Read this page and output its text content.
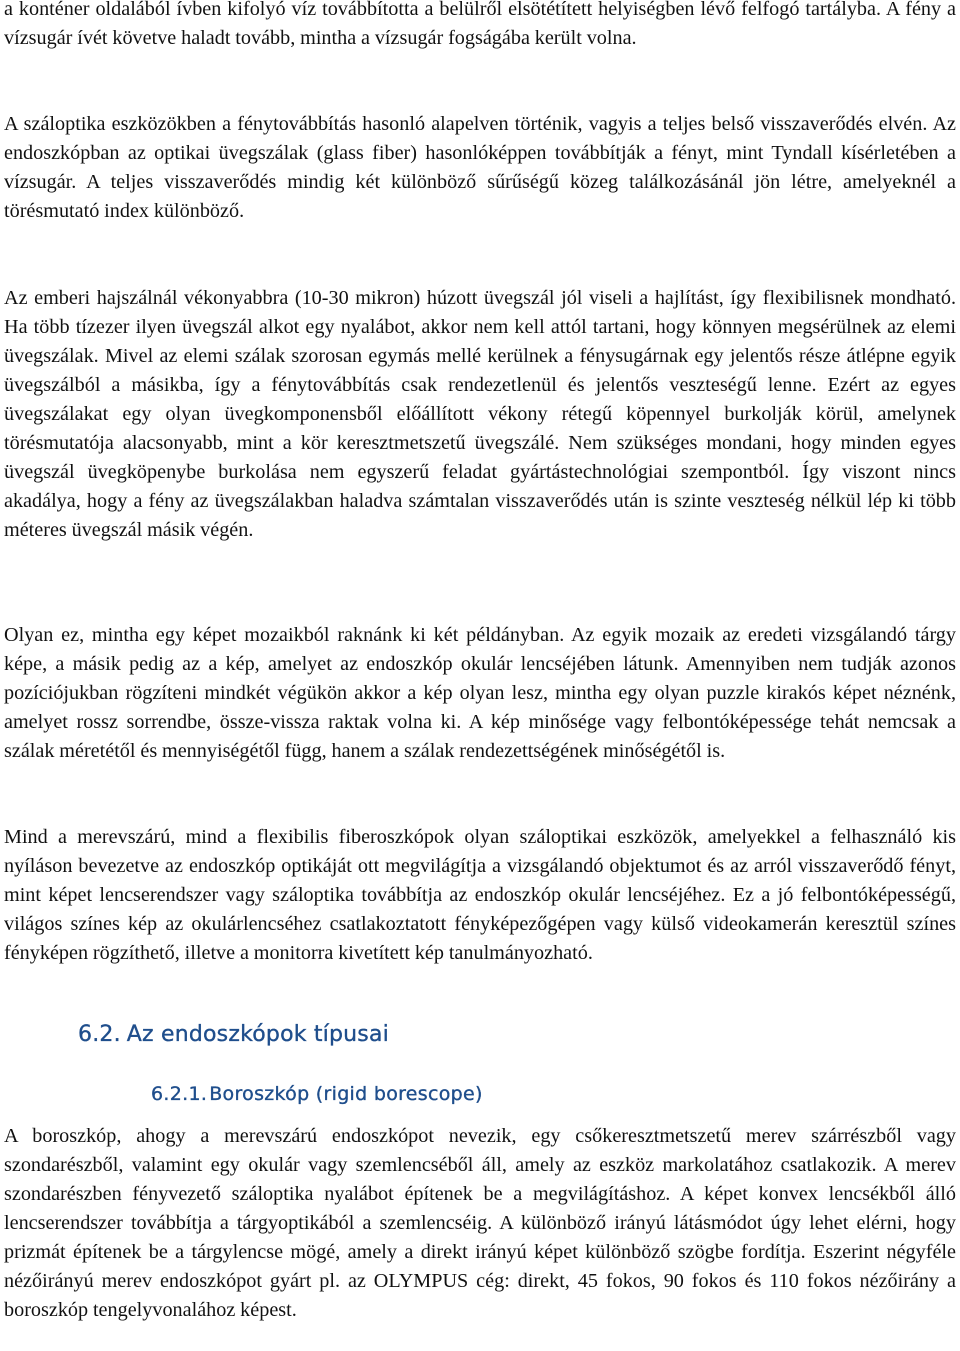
a konténer oldalából ívben kifolyó víz továbbította a belülről elsötétített helyiségben lévő felfogó tartályba. A fény a vízsugár ívét követve haladt tovább, mintha a vízsugár fogságába került volna.

A száloptika eszközökben a fénytovábbítás hasonló alapelven történik, vagyis a teljes belső visszaverődés elvén. Az endoszkópban az optikai üvegszálak (glass fiber) hasonlóképpen továbbítják a fényt, mint Tyndall kísérletében a vízsugár. A teljes visszaverődés mindig két különböző sűrűségű közeg találkozásánál jön létre, amelyeknél a törésmutató index különböző.

Az emberi hajszálnál vékonyabbra (10-30 mikron) húzott üvegszál jól viseli a hajlítást, így flexibilisnek mondható. Ha több tízezer ilyen üvegszál alkot egy nyalábot, akkor nem kell attól tartani, hogy könnyen megsérülnek az elemi üvegszálak. Mivel az elemi szálak szorosan egymás mellé kerülnek a fénysugárnak egy jelentős része átlépne egyik üvegszálból a másikba, így a fénytovábbítás csak rendezetlenül és jelentős veszteségű lenne. Ezért az egyes üvegszálakat egy olyan üvegkomponensből előállított vékony rétegű köpennyel burkolják körül, amelynek törésmutatója alacsonyabb, mint a kör keresztmetszetű üvegszálé. Nem szükséges mondani, hogy minden egyes üvegszál üvegköpenybe burkolása nem egyszerű feladat gyártástechnológiai szempontból. Így viszont nincs akadálya, hogy a fény az üvegszálakban haladva számtalan visszaverődés után is szinte veszteség nélkül lép ki több méteres üvegszál másik végén.

Olyan ez, mintha egy képet mozaikból raknánk ki két példányban. Az egyik mozaik az eredeti vizsgálandó tárgy képe, a másik pedig az a kép, amelyet az endoszkóp okulár lencséjében látunk. Amennyiben nem tudják azonos pozíciójukban rögzíteni mindkét végükön akkor a kép olyan lesz, mintha egy olyan puzzle kirakós képet néznénk, amelyet rossz sorrendbe, össze-vissza raktak volna ki. A kép minősége vagy felbontóképessége tehát nemcsak a szálak méretétől és mennyiségétől függ, hanem a szálak rendezettségének minőségétől is.

Mind a merevszárú, mind a flexibilis fiberoszkópok olyan száloptikai eszközök, amelyekkel a felhasználó kis nyíláson bevezetve az endoszkóp optikáját ott megvilágítja a vizsgálandó objektumot és az arról visszaverődő fényt, mint képet lencserendszer vagy száloptika továbbítja az endoszkóp okulár lencséjéhez. Ez a jó felbontóképességű, világos színes kép az okulárlencséhez csatlakoztatott fényképezőgépen vagy külső videokamerán keresztül színes fényképen rögzíthető, illetve a monitorra kivetített kép tanulmányozható.

6.2. Az endoszkópok típusai
6.2.1. Boroszkóp (rigid borescope)

A boroszkóp, ahogy a merevszárú endoszkópot nevezik, egy csőkeresztmetszetű merev szárrészből vagy szondarészből, valamint egy okulár vagy szemlencséből áll, amely az eszköz markolatához csatlakozik. A merev szondarészben fényvezető száloptika nyalábot építenek be a megvilágításhoz. A képet konvex lencsékből álló lencserendszer továbbítja a tárgyoptikából a szemlencséig. A különböző irányú látásmódot úgy lehet elérni, hogy prizmát építenek be a tárgylencse mögé, amely a direkt irányú képet különböző szögbe fordítja. Eszerint négyféle nézőirányú merev endoszkópot gyárt pl. az OLYMPUS cég: direkt, 45 fokos, 90 fokos és 110 fokos nézőirány a boroszkóp tengelyvonalához képest.
